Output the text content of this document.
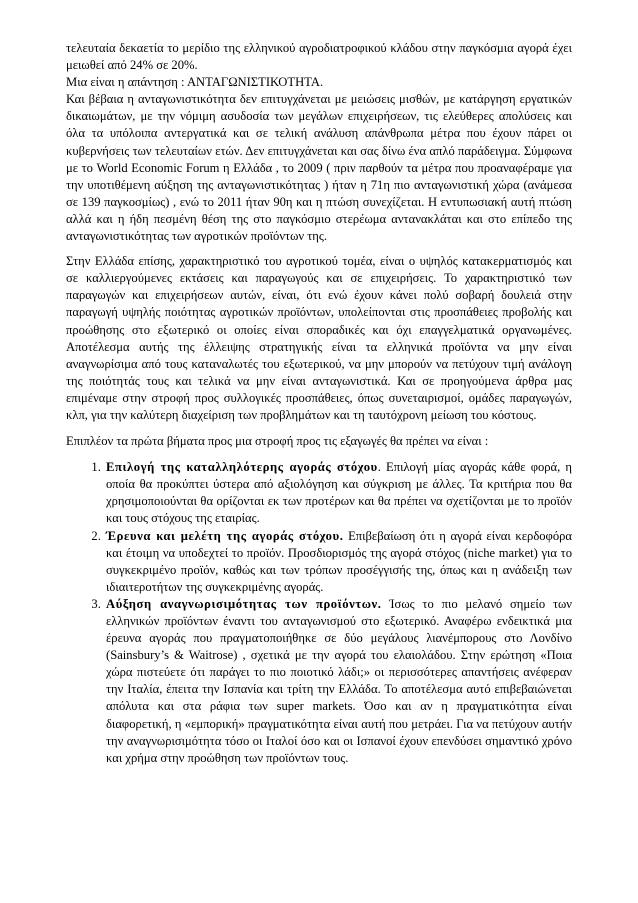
τελευταία δεκαετία το μερίδιο της ελληνικού αγροδιατροφικού κλάδου στην παγκόσμια αγορά έχει μειωθεί από 24% σε 20%.

Μια είναι η απάντηση : ΑΝΤΑΓΩΝΙΣΤΙΚΟΤΗΤΑ.

Και βέβαια η ανταγωνιστικότητα δεν επιτυγχάνεται με μειώσεις μισθών, με κατάργηση εργατικών δικαιωμάτων, με την νόμιμη ασυδοσία των μεγάλων επιχειρήσεων, τις ελεύθερες απολύσεις και όλα τα υπόλοιπα αντεργατικά και σε τελική ανάλυση απάνθρωπα μέτρα που έχουν πάρει οι κυβερνήσεις των τελευταίων ετών. Δεν επιτυγχάνεται και σας δίνω ένα απλό παράδειγμα. Σύμφωνα με το World Economic Forum η Ελλάδα , το 2009 ( πριν παρθούν τα μέτρα που προαναφέραμε για την υποτιθέμενη αύξηση της ανταγωνιστικότητας ) ήταν η 71η πιο ανταγωνιστική χώρα (ανάμεσα σε 139 παγκοσμίως) , ενώ το 2011 ήταν 90η και η πτώση συνεχίζεται. Η εντυπωσιακή αυτή πτώση αλλά και η ήδη πεσμένη θέση της στο παγκόσμιο στερέωμα αντανακλάται και στο επίπεδο της ανταγωνιστικότητας των αγροτικών προϊόντων της.

Στην Ελλάδα επίσης, χαρακτηριστικό του αγροτικού τομέα, είναι ο υψηλός κατακερματισμός και σε καλλιεργούμενες εκτάσεις και παραγωγούς και σε επιχειρήσεις. Το χαρακτηριστικό των παραγωγών και επιχειρήσεων αυτών, είναι, ότι ενώ έχουν κάνει πολύ σοβαρή δουλειά στην παραγωγή υψηλής ποιότητας αγροτικών προϊόντων, υπολείπονται στις προσπάθειες προβολής και προώθησης στο εξωτερικό οι οποίες είναι σποραδικές και όχι επαγγελματικά οργανωμένες. Αποτέλεσμα αυτής της έλλειψης στρατηγικής είναι τα ελληνικά προϊόντα να μην είναι αναγνωρίσιμα από τους καταναλωτές του εξωτερικού, να μην μπορούν να πετύχουν τιμή ανάλογη της ποιότητάς τους και τελικά να μην είναι ανταγωνιστικά. Και σε προηγούμενα άρθρα μας επιμέναμε στην στροφή προς συλλογικές προσπάθειες, όπως συνεταιρισμοί, ομάδες παραγωγών, κλπ, για την καλύτερη διαχείριση των προβλημάτων και τη ταυτόχρονη μείωση του κόστους.

Επιπλέον τα πρώτα βήματα προς μια στροφή προς τις εξαγωγές θα πρέπει να είναι :

1. Επιλογή της καταλληλότερης αγοράς στόχου. Επιλογή μίας αγοράς κάθε φορά, η οποία θα προκύπτει ύστερα από αξιολόγηση και σύγκριση με άλλες. Τα κριτήρια που θα χρησιμοποιούνται θα ορίζονται εκ των προτέρων και θα πρέπει να σχετίζονται με το προϊόν και τους στόχους της εταιρίας.
2. Έρευνα και μελέτη της αγοράς στόχου. Επιβεβαίωση ότι η αγορά είναι κερδοφόρα και έτοιμη να υποδεχτεί το προϊόν. Προσδιορισμός της αγορά στόχος (niche market) για το συγκεκριμένο προϊόν, καθώς και των τρόπων προσέγγισής της, όπως και η ανάδειξη των ιδιαιτεροτήτων της συγκεκριμένης αγοράς.
3. Αύξηση αναγνωρισιμότητας των προϊόντων. Ίσως το πιο μελανό σημείο των ελληνικών προϊόντων έναντι του ανταγωνισμού στο εξωτερικό. Αναφέρω ενδεικτικά μια έρευνα αγοράς που πραγματοποιήθηκε σε δύο μεγάλους λιανέμπορους στο Λονδίνο (Sainsbury’s & Waitrose) , σχετικά με την αγορά του ελαιολάδου. Στην ερώτηση «Ποια χώρα πιστεύετε ότι παράγει το πιο ποιοτικό λάδι;» οι περισσότερες απαντήσεις ανέφεραν την Ιταλία, έπειτα την Ισπανία και τρίτη την Ελλάδα. Το αποτέλεσμα αυτό επιβεβαιώνεται απόλυτα και στα ράφια των super markets. Όσο και αν η πραγματικότητα είναι διαφορετική, η «εμπορική» πραγματικότητα είναι αυτή που μετράει. Για να πετύχουν αυτήν την αναγνωρισιμότητα τόσο οι Ιταλοί όσο και οι Ισπανοί έχουν επενδύσει σημαντικό χρόνο και χρήμα στην προώθηση των προϊόντων τους.
